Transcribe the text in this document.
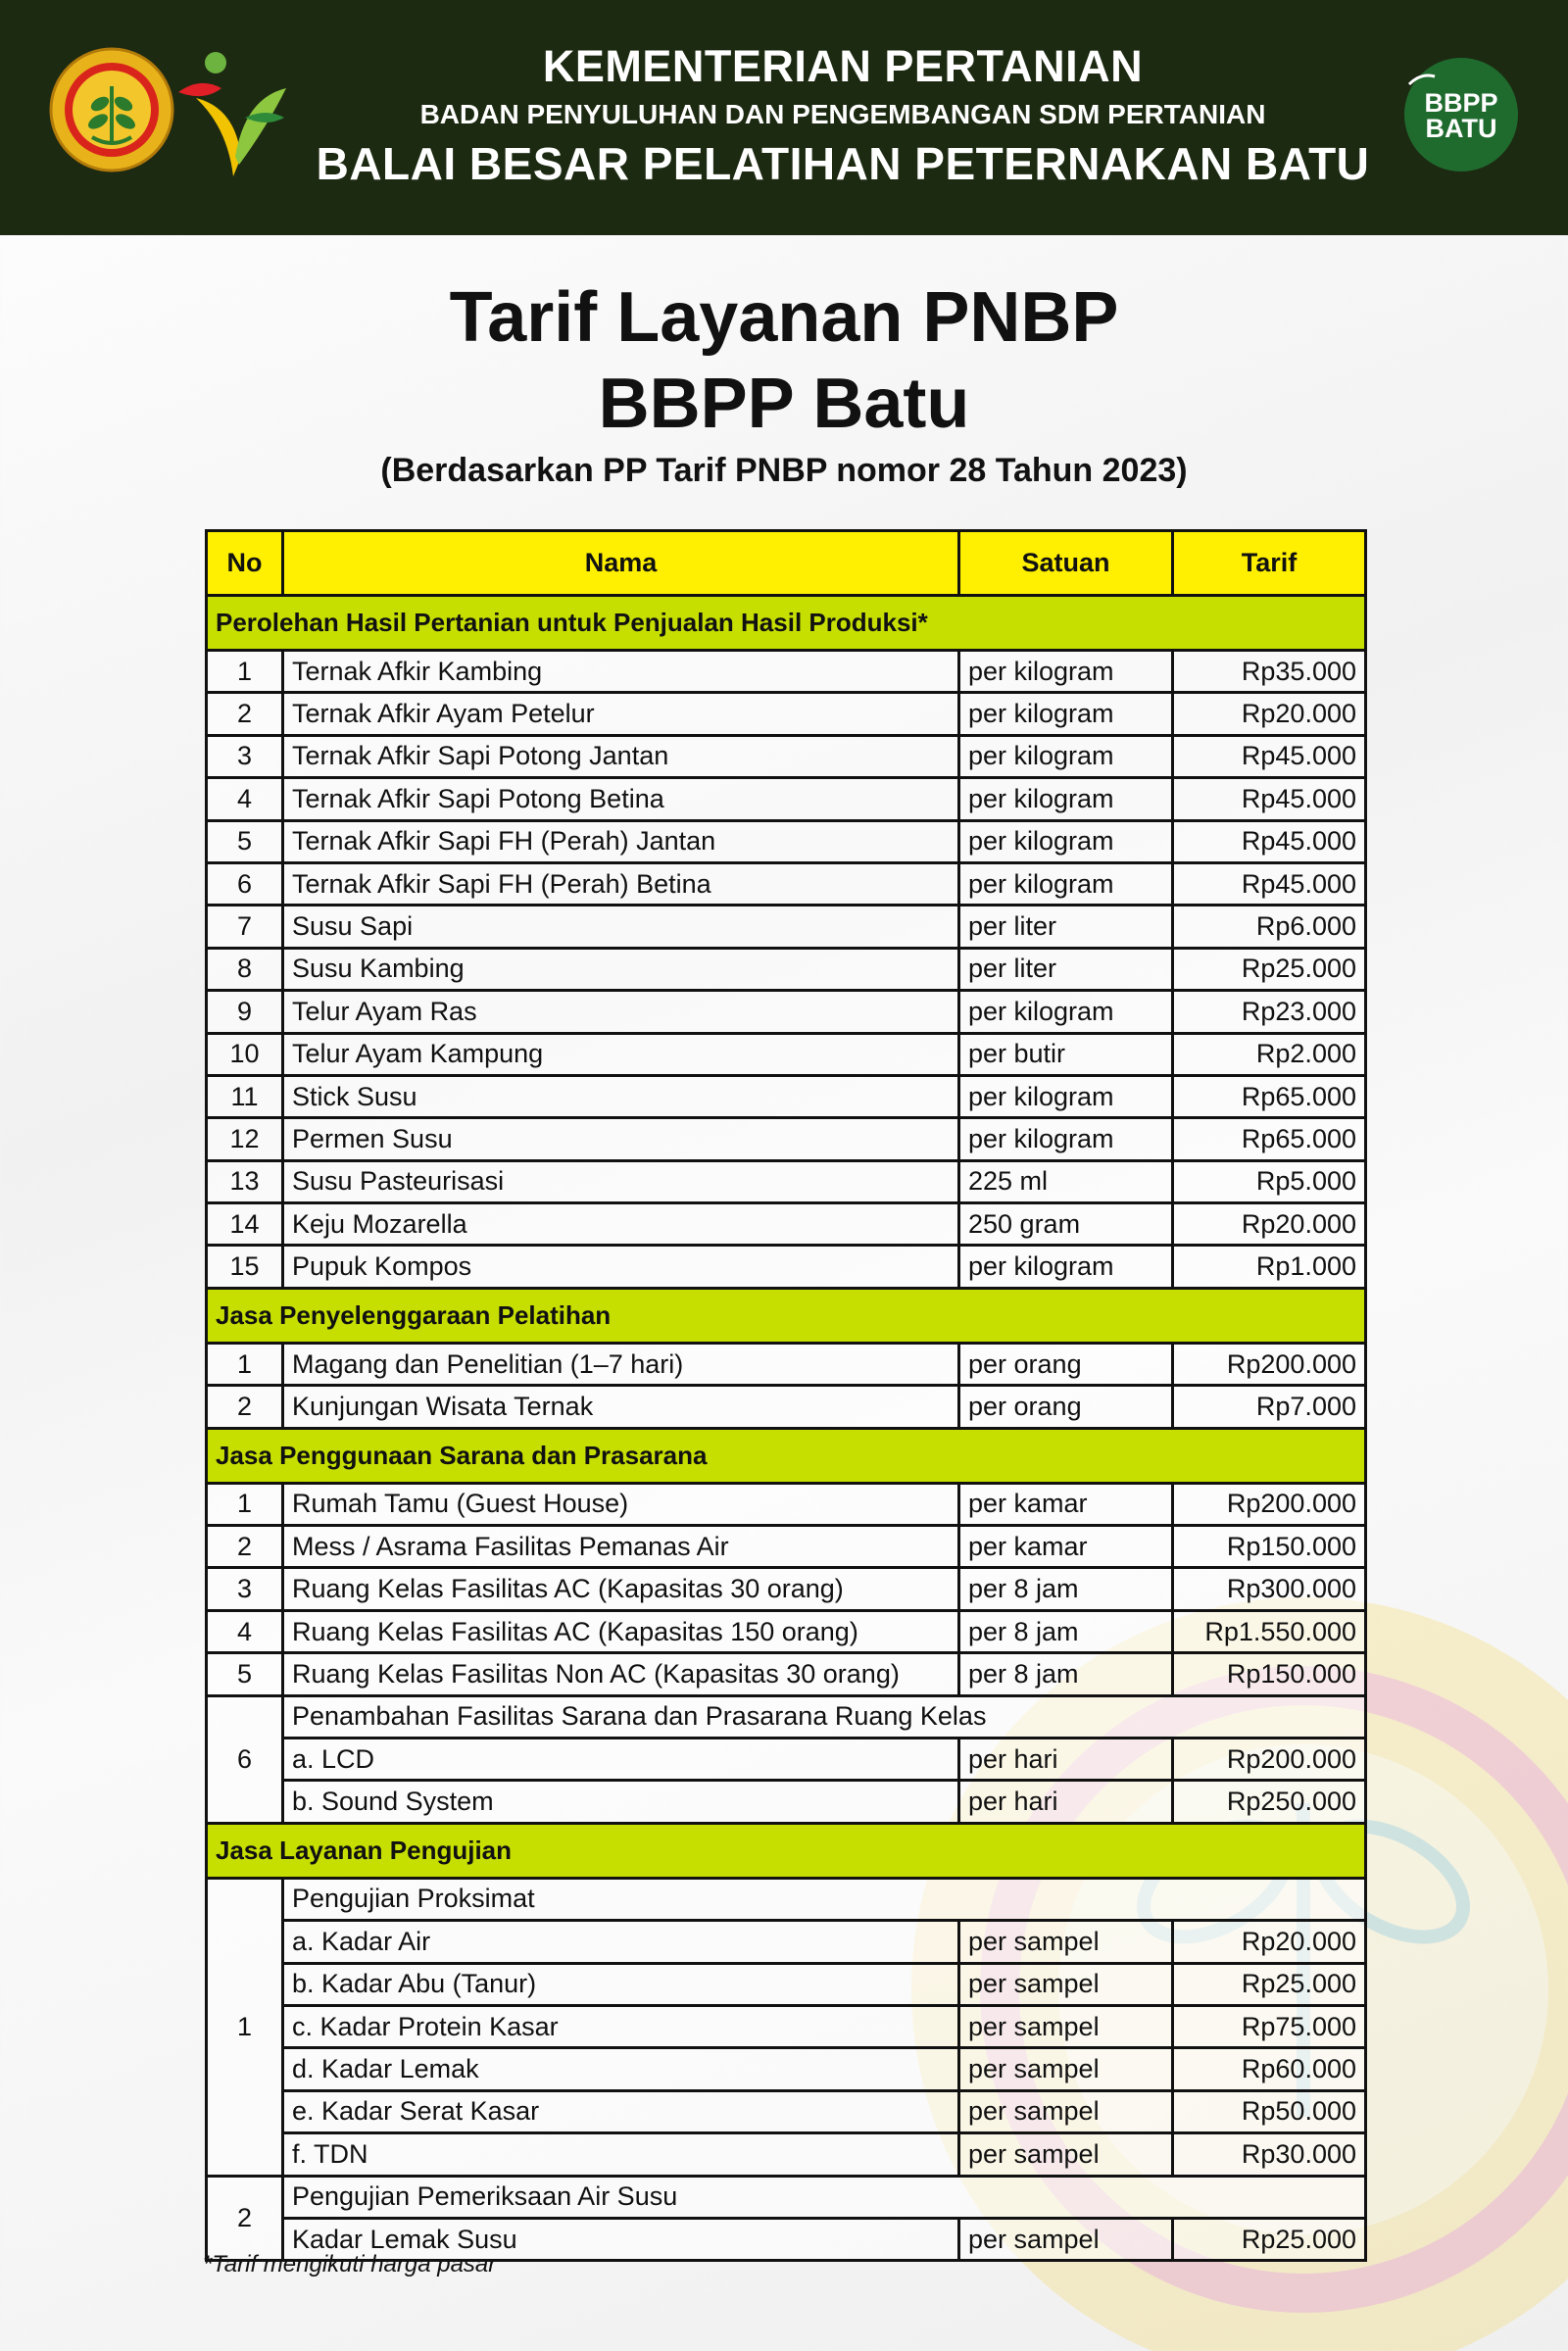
KEMENTERIAN PERTANIAN
BADAN PENYULUHAN DAN PENGEMBANGAN SDM PERTANIAN
BALAI BESAR PELATIHAN PETERNAKAN BATU
BBPP
BATU
Tarif Layanan PNBP
BBPP Batu
(Berdasarkan PP Tarif PNBP nomor 28 Tahun 2023)
No	Nama	Satuan	Tarif
Perolehan Hasil Pertanian untuk Penjualan Hasil Produksi*			
1	Ternak Afkir Kambing	per kilogram	Rp35.000
2	Ternak Afkir Ayam Petelur	per kilogram	Rp20.000
3	Ternak Afkir Sapi Potong Jantan	per kilogram	Rp45.000
4	Ternak Afkir Sapi Potong Betina	per kilogram	Rp45.000
5	Ternak Afkir Sapi FH (Perah) Jantan	per kilogram	Rp45.000
6	Ternak Afkir Sapi FH (Perah) Betina	per kilogram	Rp45.000
7	Susu Sapi	per liter	Rp6.000
8	Susu Kambing	per liter	Rp25.000
9	Telur Ayam Ras	per kilogram	Rp23.000
10	Telur Ayam Kampung	per butir	Rp2.000
11	Stick Susu	per kilogram	Rp65.000
12	Permen Susu	per kilogram	Rp65.000
13	Susu Pasteurisasi	225 ml	Rp5.000
14	Keju Mozarella	250 gram	Rp20.000
15	Pupuk Kompos	per kilogram	Rp1.000
Jasa Penyelenggaraan Pelatihan			
1	Magang dan Penelitian (1–7 hari)	per orang	Rp200.000
2	Kunjungan Wisata Ternak	per orang	Rp7.000
Jasa Penggunaan Sarana dan Prasarana			
1	Rumah Tamu (Guest House)	per kamar	Rp200.000
2	Mess / Asrama Fasilitas Pemanas Air	per kamar	Rp150.000
3	Ruang Kelas Fasilitas AC (Kapasitas 30 orang)	per 8 jam	Rp300.000
4	Ruang Kelas Fasilitas AC (Kapasitas 150 orang)	per 8 jam	Rp1.550.000
5	Ruang Kelas Fasilitas Non AC (Kapasitas 30 orang)	per 8 jam	Rp150.000
6	Penambahan Fasilitas Sarana dan Prasarana Ruang Kelas		
	a. LCD	per hari	Rp200.000
	b. Sound System	per hari	Rp250.000
Jasa Layanan Pengujian			
1	Pengujian Proksimat		
	a. Kadar Air	per sampel	Rp20.000
	b. Kadar Abu (Tanur)	per sampel	Rp25.000
	c. Kadar Protein Kasar	per sampel	Rp75.000
	d. Kadar Lemak	per sampel	Rp60.000
	e. Kadar Serat Kasar	per sampel	Rp50.000
	f. TDN	per sampel	Rp30.000
2	Pengujian Pemeriksaan Air Susu		
	Kadar Lemak Susu	per sampel	Rp25.000
*Tarif mengikuti harga pasar
